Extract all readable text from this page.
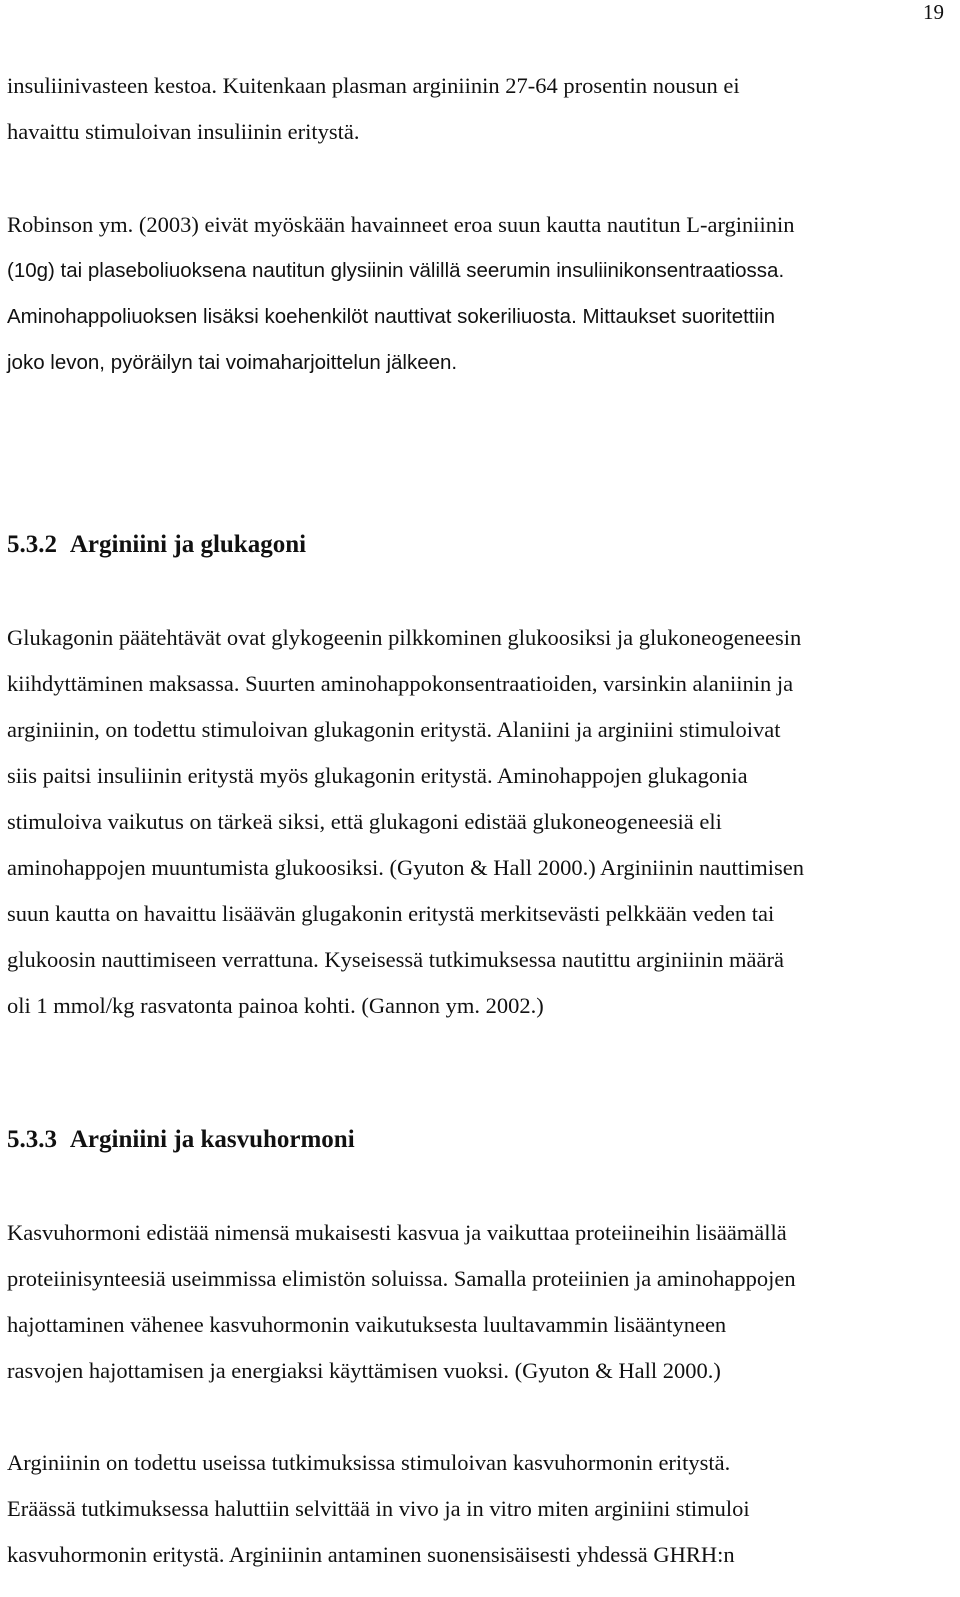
19
insuliinivasteen kestoa. Kuitenkaan plasman arginiinin 27-64 prosentin nousun ei
havaittu stimuloivan insuliinin eritystä.
Robinson ym. (2003) eivät myöskään havainneet eroa suun kautta nautitun L-arginiinin
(10g) tai plaseboliuoksena nautitun glysiinin välillä seerumin insuliinikonsentraatiossa.
Aminohappoliuoksen lisäksi koehenkilöt nauttivat sokeriliuosta. Mittaukset suoritettiin
joko levon, pyöräilyn tai voimaharjoittelun jälkeen.
5.3.2 Arginiini ja glukagoni
Glukagonin päätehtävät ovat glykogeenin pilkkominen glukoosiksi ja glukoneogeneesin
kiihdyttäminen maksassa. Suurten aminohappokonsentraatioiden, varsinkin alaniinin ja
arginiinin, on todettu stimuloivan glukagonin eritystä. Alaniini ja arginiini stimuloivat
siis paitsi insuliinin eritystä myös glukagonin eritystä. Aminohappojen glukagonia
stimuloiva vaikutus on tärkeä siksi, että glukagoni edistää glukoneogeneesiä eli
aminohappojen muuntumista glukoosiksi. (Gyuton & Hall 2000.) Arginiinin nauttimisen
suun kautta on havaittu lisäävän glugakonin eritystä merkitsevästi pelkkään veden tai
glukoosin nauttimiseen verrattuna. Kyseisessä tutkimuksessa nautittu arginiinin määrä
oli 1 mmol/kg rasvatonta painoa kohti. (Gannon ym. 2002.)
5.3.3 Arginiini ja kasvuhormoni
Kasvuhormoni edistää nimensä mukaisesti kasvua ja vaikuttaa proteiineihin lisäämällä
proteiinisynteesiä useimmissa elimistön soluissa. Samalla proteiinien ja aminohappojen
hajottaminen vähenee kasvuhormonin vaikutuksesta luultavammin lisääntyneen
rasvojen hajottamisen ja energiaksi käyttämisen vuoksi. (Gyuton & Hall 2000.)
Arginiinin on todettu useissa tutkimuksissa stimuloivan kasvuhormonin eritystä.
Eräässä tutkimuksessa haluttiin selvittää in vivo ja in vitro miten arginiini stimuloi
kasvuhormonin eritystä. Arginiinin antaminen suonensisäisesti yhdessä GHRH:n
